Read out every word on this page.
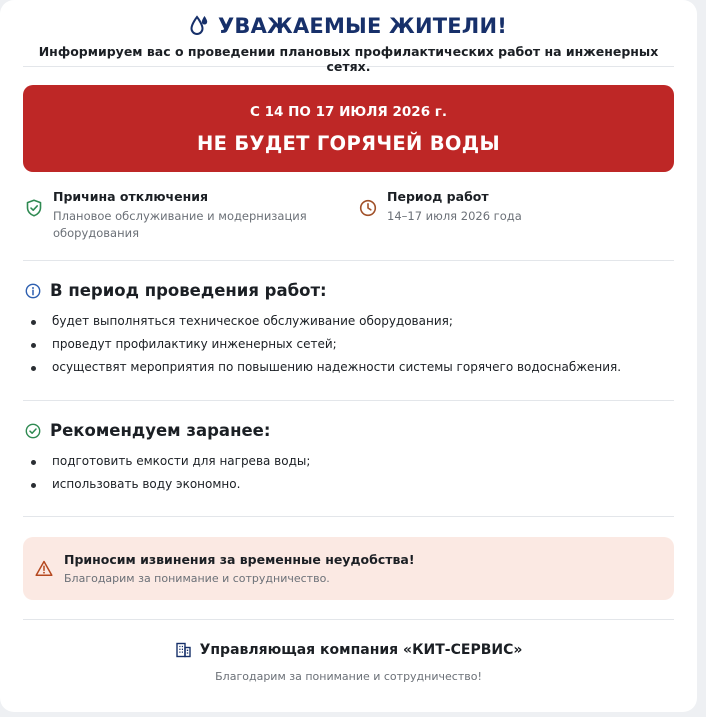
УВАЖАЕМЫЕ ЖИТЕЛИ!
Информируем вас о проведении плановых профилактических работ на инженерных сетях.
С 14 ПО 17 ИЮЛЯ 2026 г.
НЕ БУДЕТ ГОРЯЧЕЙ ВОДЫ
Причина отключения
Плановое обслуживание и модернизация
оборудования
Период работ
14–17 июля 2026 года
В период проведения работ:
будет выполняться техническое обслуживание оборудования;
проведут профилактику инженерных сетей;
осуществят мероприятия по повышению надежности системы горячего водоснабжения.
Рекомендуем заранее:
подготовить емкости для нагрева воды;
использовать воду экономно.
Приносим извинения за временные неудобства!
Благодарим за понимание и сотрудничество.
Управляющая компания «КИТ-СЕРВИС»
Благодарим за понимание и сотрудничество!
